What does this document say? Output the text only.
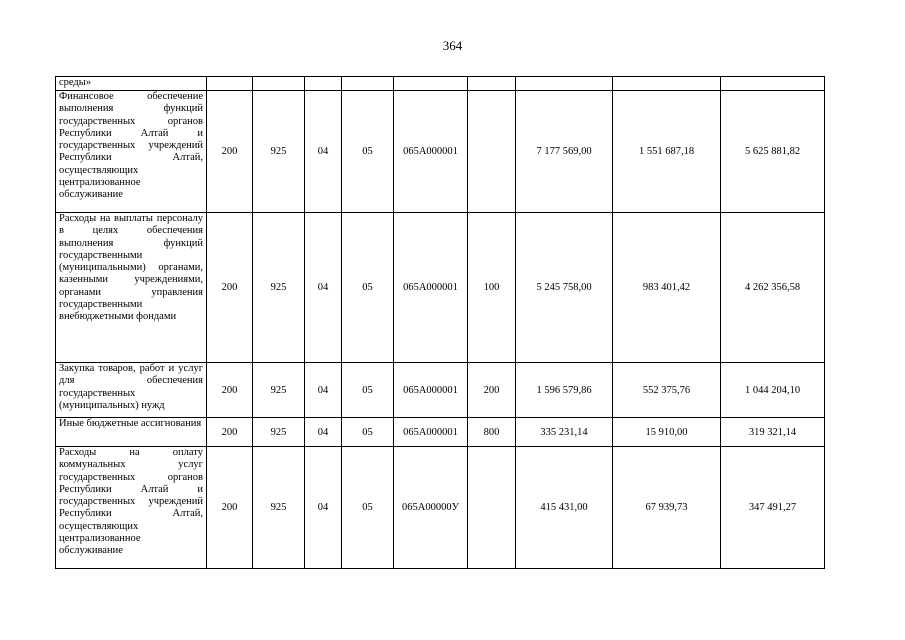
364
среды»									
Финансовое обеспечение выполнения функций государственных органов Республики Алтай и государственных учреждений Республики Алтай, осуществляющих централизованное обслуживание	200	925	04	05	065А000001		7 177 569,00	1 551 687,18	5 625 881,82
Расходы на выплаты персоналу в целях обеспечения выполнения функций государственными (муниципальными) органами, казенными учреждениями, органами управления государственными внебюджетными фондами	200	925	04	05	065А000001	100	5 245 758,00	983 401,42	4 262 356,58
Закупка товаров, работ и услуг для обеспечения государственных (муниципальных) нужд	200	925	04	05	065А000001	200	1 596 579,86	552 375,76	1 044 204,10
Иные бюджетные ассигнования	200	925	04	05	065А000001	800	335 231,14	15 910,00	319 321,14
Расходы на оплату коммунальных услуг государственных органов Республики Алтай и государственных учреждений Республики Алтай, осуществляющих централизованное обслуживание	200	925	04	05	065А00000У		415 431,00	67 939,73	347 491,27
